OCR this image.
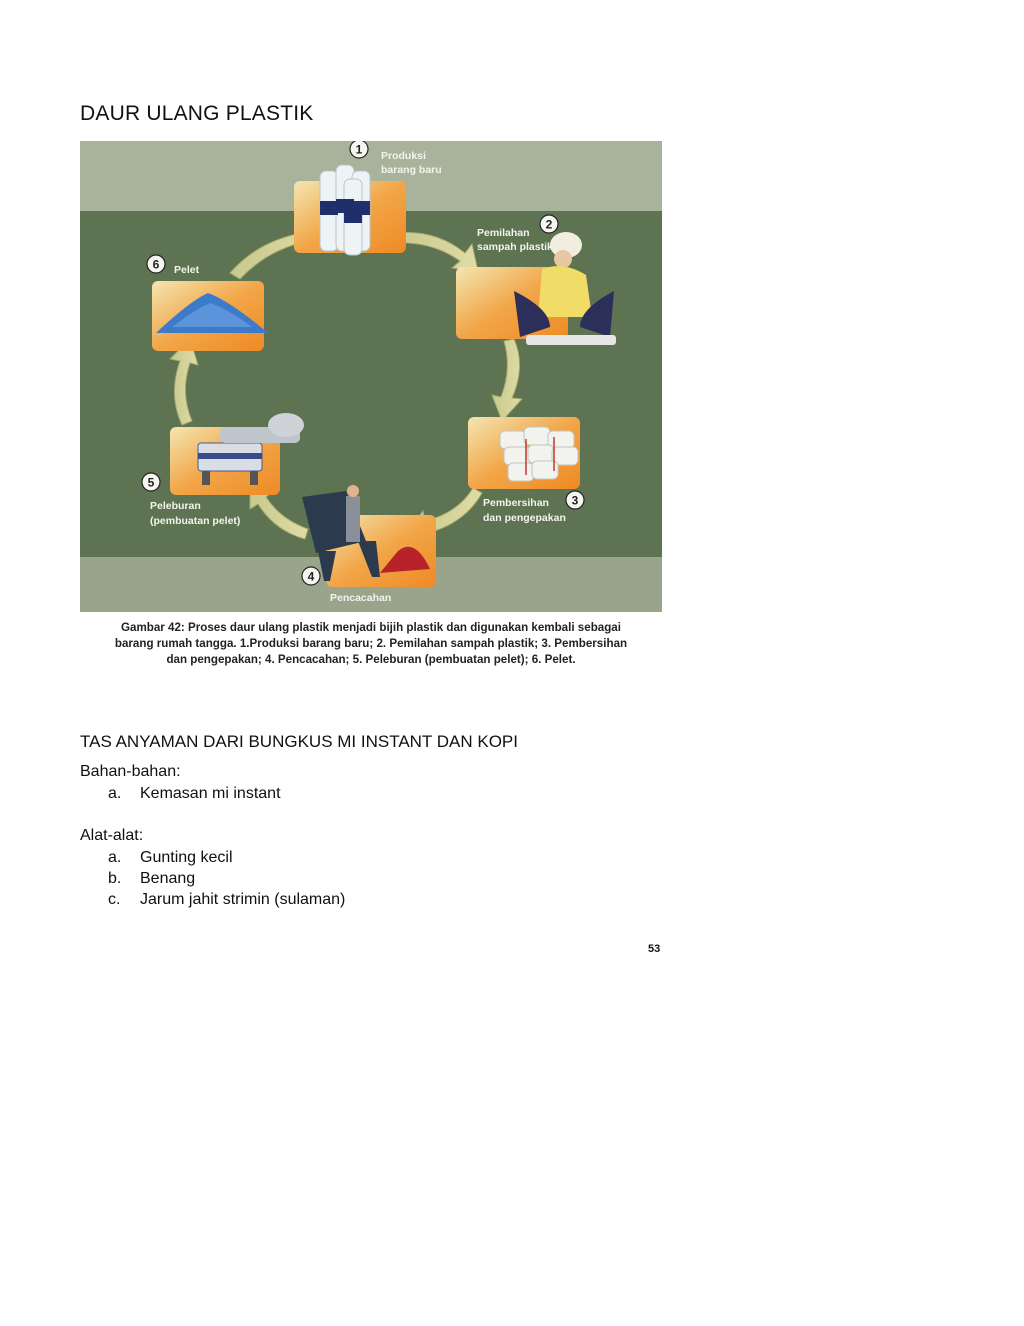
DAUR ULANG PLASTIK
1
2
3
4
5
6
Produksi
barang baru
Pemilahan
sampah plastik
Pembersihan
dan pengepakan
Pencacahan
Peleburan
(pembuatan pelet)
Pelet
Gambar 42: Proses daur ulang plastik menjadi bijih plastik dan digunakan kembali sebagai
barang rumah tangga. 1.Produksi barang baru; 2. Pemilahan sampah plastik; 3. Pembersihan
dan pengepakan; 4. Pencacahan; 5. Peleburan (pembuatan pelet); 6. Pelet.
TAS ANYAMAN DARI BUNGKUS MI INSTANT DAN KOPI
Bahan-bahan:
a. Kemasan mi instant
Alat-alat:
a. Gunting kecil
b. Benang
c. Jarum jahit strimin (sulaman)
53
